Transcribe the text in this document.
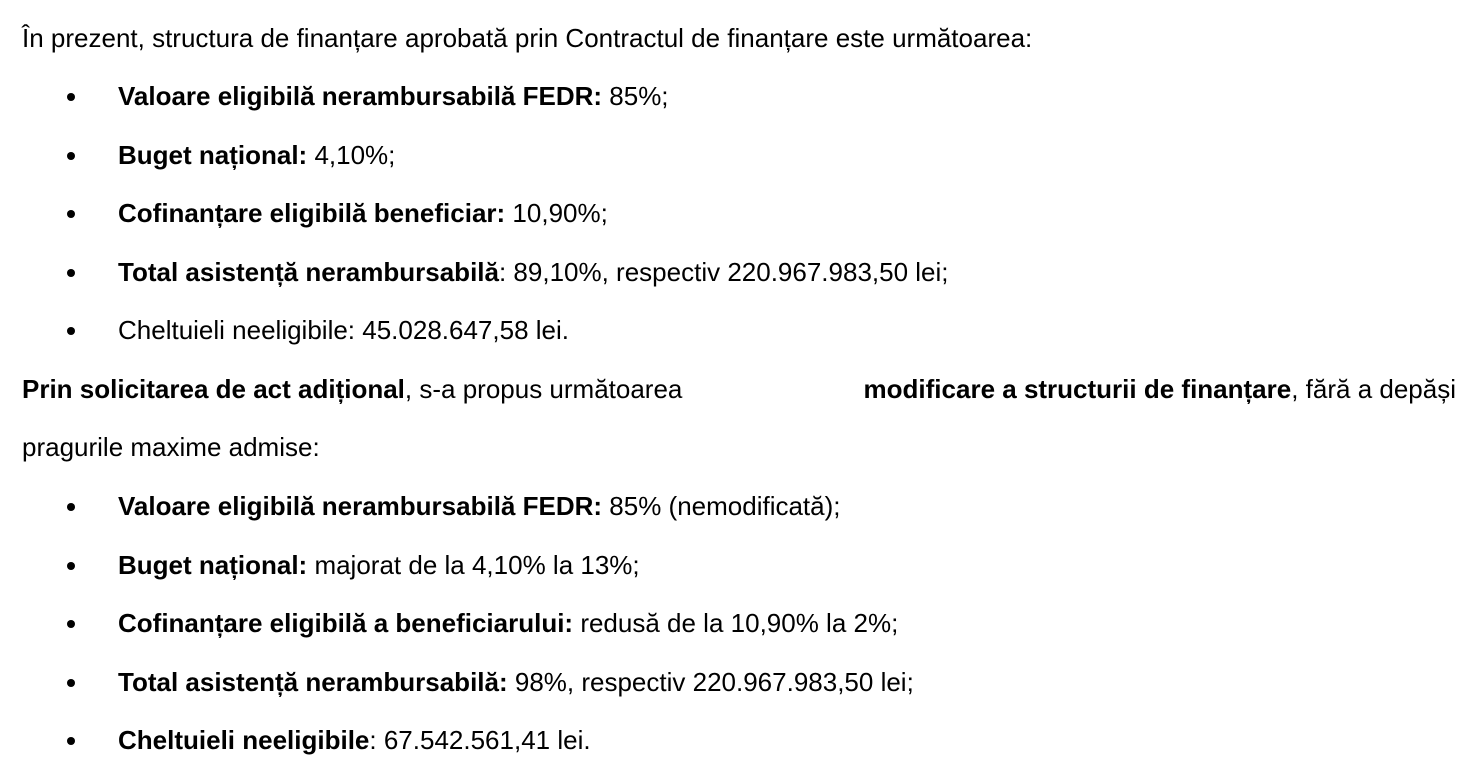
În prezent, structura de finanțare aprobată prin Contractul de finanțare este următoarea:
Valoare eligibilă nerambursabilă FEDR: 85%;
Buget național: 4,10%;
Cofinanțare eligibilă beneficiar: 10,90%;
Total asistență nerambursabilă: 89,10%, respectiv 220.967.983,50 lei;
Cheltuieli neeligibile: 45.028.647,58 lei.
Prin solicitarea de act adițional, s-a propus următoarea	modificare a structurii de finanțare, fără a depăși
pragurile maxime admise:
Valoare eligibilă nerambursabilă FEDR: 85% (nemodificată);
Buget național: majorat de la 4,10% la 13%;
Cofinanțare eligibilă a beneficiarului: redusă de la 10,90% la 2%;
Total asistență nerambursabilă: 98%, respectiv 220.967.983,50 lei;
Cheltuieli neeligibile: 67.542.561,41 lei.
